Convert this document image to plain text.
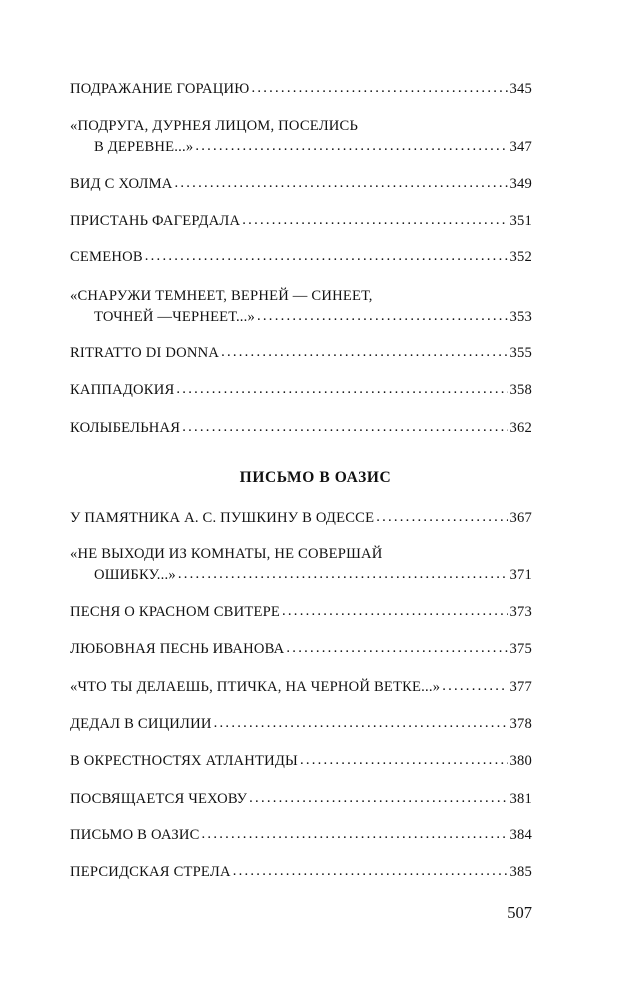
ПОДРАЖАНИЕ ГОРАЦИЮ . . .	345
«ПОДРУГА, ДУРНЕЯ ЛИЦОМ, ПОСЕЛИСЬ
В ДЕРЕВНЕ...» . . .	347
ВИД С ХОЛМА . . .	349
ПРИСТАНЬ ФАГЕРДАЛА . . .	351
СЕМЕНОВ . . .	352
«СНАРУЖИ ТЕМНЕЕТ, ВЕРНЕЙ — СИНЕЕТ,
ТОЧНЕЙ —ЧЕРНЕЕТ...» . . .	353
RITRATTO DI DONNA . . .	355
КАППАДОКИЯ . . .	358
КОЛЫБЕЛЬНАЯ . . .	362
ПИСЬМО В ОАЗИС
У ПАМЯТНИКА А. С. ПУШКИНУ В ОДЕССЕ . . .	367
«НЕ ВЫХОДИ ИЗ КОМНАТЫ, НЕ СОВЕРШАЙ
ОШИБКУ...» . . .	371
ПЕСНЯ О КРАСНОМ СВИТЕРЕ . . .	373
ЛЮБОВНАЯ ПЕСНЬ ИВАНОВА . . .	375
«ЧТО ТЫ ДЕЛАЕШЬ, ПТИЧКА, НА ЧЕРНОЙ ВЕТКЕ...» . . .	377
ДЕДАЛ В СИЦИЛИИ . . .	378
В ОКРЕСТНОСТЯХ АТЛАНТИДЫ . . .	380
ПОСВЯЩАЕТСЯ ЧЕХОВУ . . .	381
ПИСЬМО В ОАЗИС . . .	384
ПЕРСИДСКАЯ СТРЕЛА . . .	385
507
